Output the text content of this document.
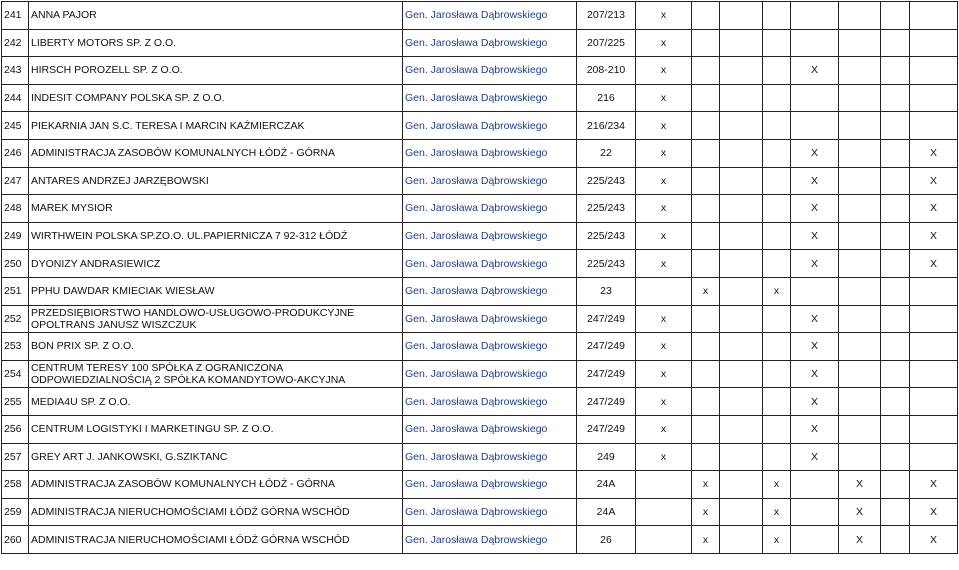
241	ANNA PAJOR	Gen. Jarosława Dąbrowskiego	207/213	x							
242	LIBERTY MOTORS SP. Z O.O.	Gen. Jarosława Dąbrowskiego	207/225	x							
243	HIRSCH POROZELL SP. Z O.O.	Gen. Jarosława Dąbrowskiego	208-210	x				X			
244	INDESIT COMPANY POLSKA SP. Z O.O.	Gen. Jarosława Dąbrowskiego	216	x							
245	PIEKARNIA JAN S.C. TERESA I MARCIN KAŹMIERCZAK	Gen. Jarosława Dąbrowskiego	216/234	x							
246	ADMINISTRACJA ZASOBÓW KOMUNALNYCH ŁÓDŹ - GÓRNA	Gen. Jarosława Dąbrowskiego	22	x				X			X
247	ANTARES ANDRZEJ JARZĘBOWSKI	Gen. Jarosława Dąbrowskiego	225/243	x				X			X
248	MAREK MYSIOR	Gen. Jarosława Dąbrowskiego	225/243	x				X			X
249	WIRTHWEIN POLSKA SP.ZO.O. UL.PAPIERNICZA 7 92-312 ŁÓDŹ	Gen. Jarosława Dąbrowskiego	225/243	x				X			X
250	DYONIZY ANDRASIEWICZ	Gen. Jarosława Dąbrowskiego	225/243	x				X			X
251	PPHU DAWDAR KMIECIAK WIESŁAW	Gen. Jarosława Dąbrowskiego	23		x		x				
252	PRZEDSIĘBIORSTWO HANDLOWO-USŁUGOWO-PRODUKCYJNE OPOLTRANS JANUSZ WISZCZUK	Gen. Jarosława Dąbrowskiego	247/249	x				X			
253	BON PRIX SP. Z O.O.	Gen. Jarosława Dąbrowskiego	247/249	x				X			
254	CENTRUM TERESY 100 SPÓŁKA Z OGRANICZONA ODPOWIEDZIALNOŚCIĄ 2 SPÓŁKA KOMANDYTOWO-AKCYJNA	Gen. Jarosława Dąbrowskiego	247/249	x				X			
255	MEDIA4U SP. Z O.O.	Gen. Jarosława Dąbrowskiego	247/249	x				X			
256	CENTRUM LOGISTYKI I MARKETINGU SP. Z O.O.	Gen. Jarosława Dąbrowskiego	247/249	x				X			
257	GREY ART J. JANKOWSKI, G.SZIKTANC	Gen. Jarosława Dąbrowskiego	249	x				X			
258	ADMINISTRACJA ZASOBÓW KOMUNALNYCH ŁÓDŹ - GÓRNA	Gen. Jarosława Dąbrowskiego	24A		x		x		X		X
259	ADMINISTRACJA NIERUCHOMOŚCIAMI ŁÓDŹ GÓRNA WSCHÓD	Gen. Jarosława Dąbrowskiego	24A		x		x		X		X
260	ADMINISTRACJA NIERUCHOMOŚCIAMI ŁÓDŹ GÓRNA WSCHÓD	Gen. Jarosława Dąbrowskiego	26		x		x		X		X
